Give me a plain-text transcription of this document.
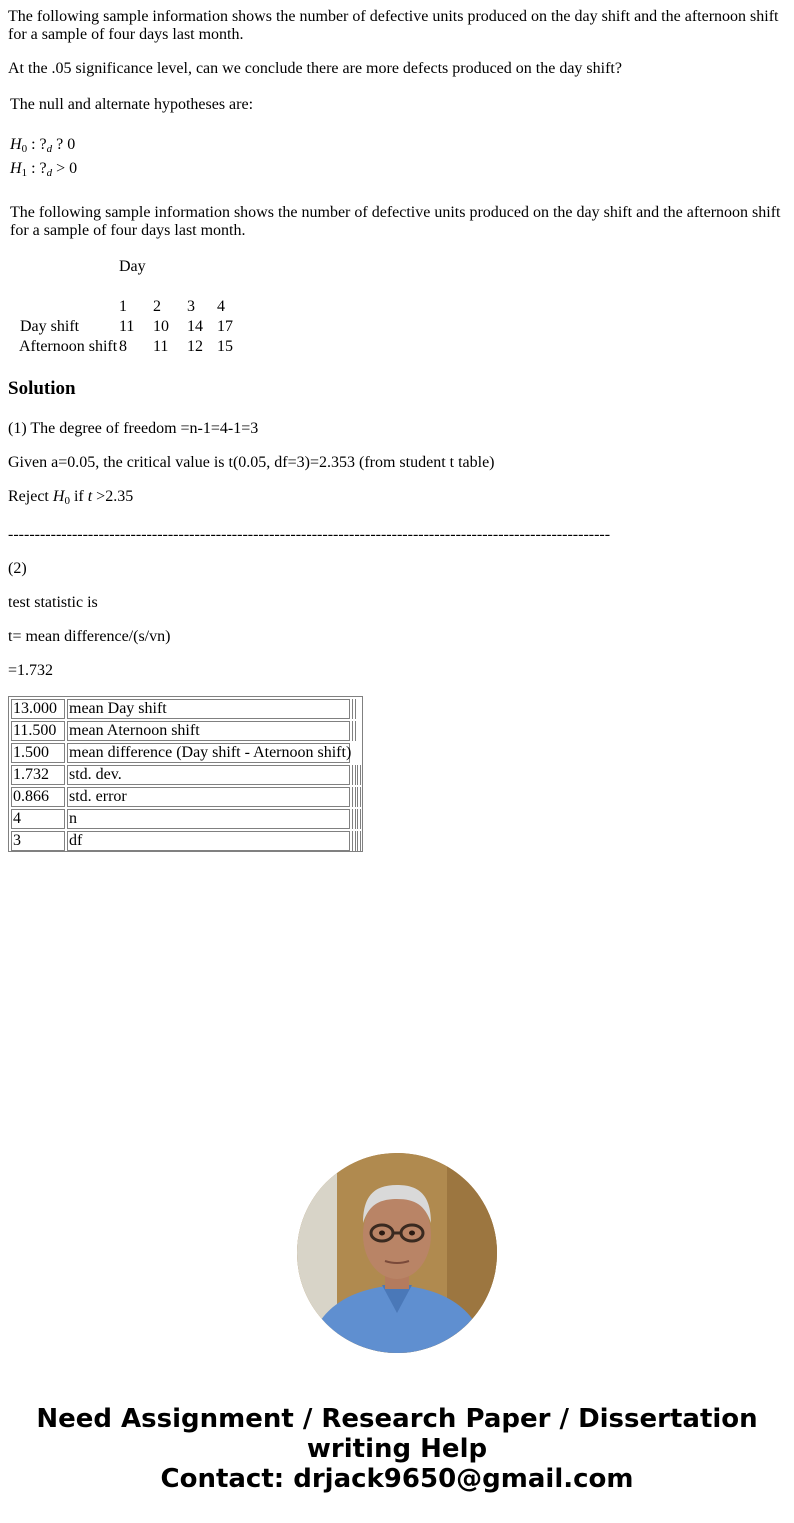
The following sample information shows the number of defective units produced on the day shift and the afternoon shift for a sample of four days last month.
At the .05 significance level, can we conclude there are more defects produced on the day shift?
The null and alternate hypotheses are:
$H_0$ : $?_d$ ? 0
$H_1$ : $?_d > 0$
The following sample information shows the number of defective units produced on the day shift and the afternoon shift for a sample of four days last month.
Day
1 2 3 4
Day shift 11 10 14 17
Afternoon shift 8 11 12 15
Solution
(1) The degree of freedom =n-1=4-1=3
Given a=0.05, the critical value is t(0.05, df=3)=2.353 (from student t table)
Reject $H_0$ if t >2.35
-----------------------------------------------------------------------------------------------------------------
(2)
test statistic is
t= mean difference/(s/vn)
=1.732
13.000 mean Day shift
11.500 mean Aternoon shift
1.500	mean difference (Day shift - Aternoon shift)
1.732	std. dev.
0.866	std. error
4	n
3	df
Need Assignment / Research Paper / Dissertation
writing Help
Contact: drjack9650@gmail.com
